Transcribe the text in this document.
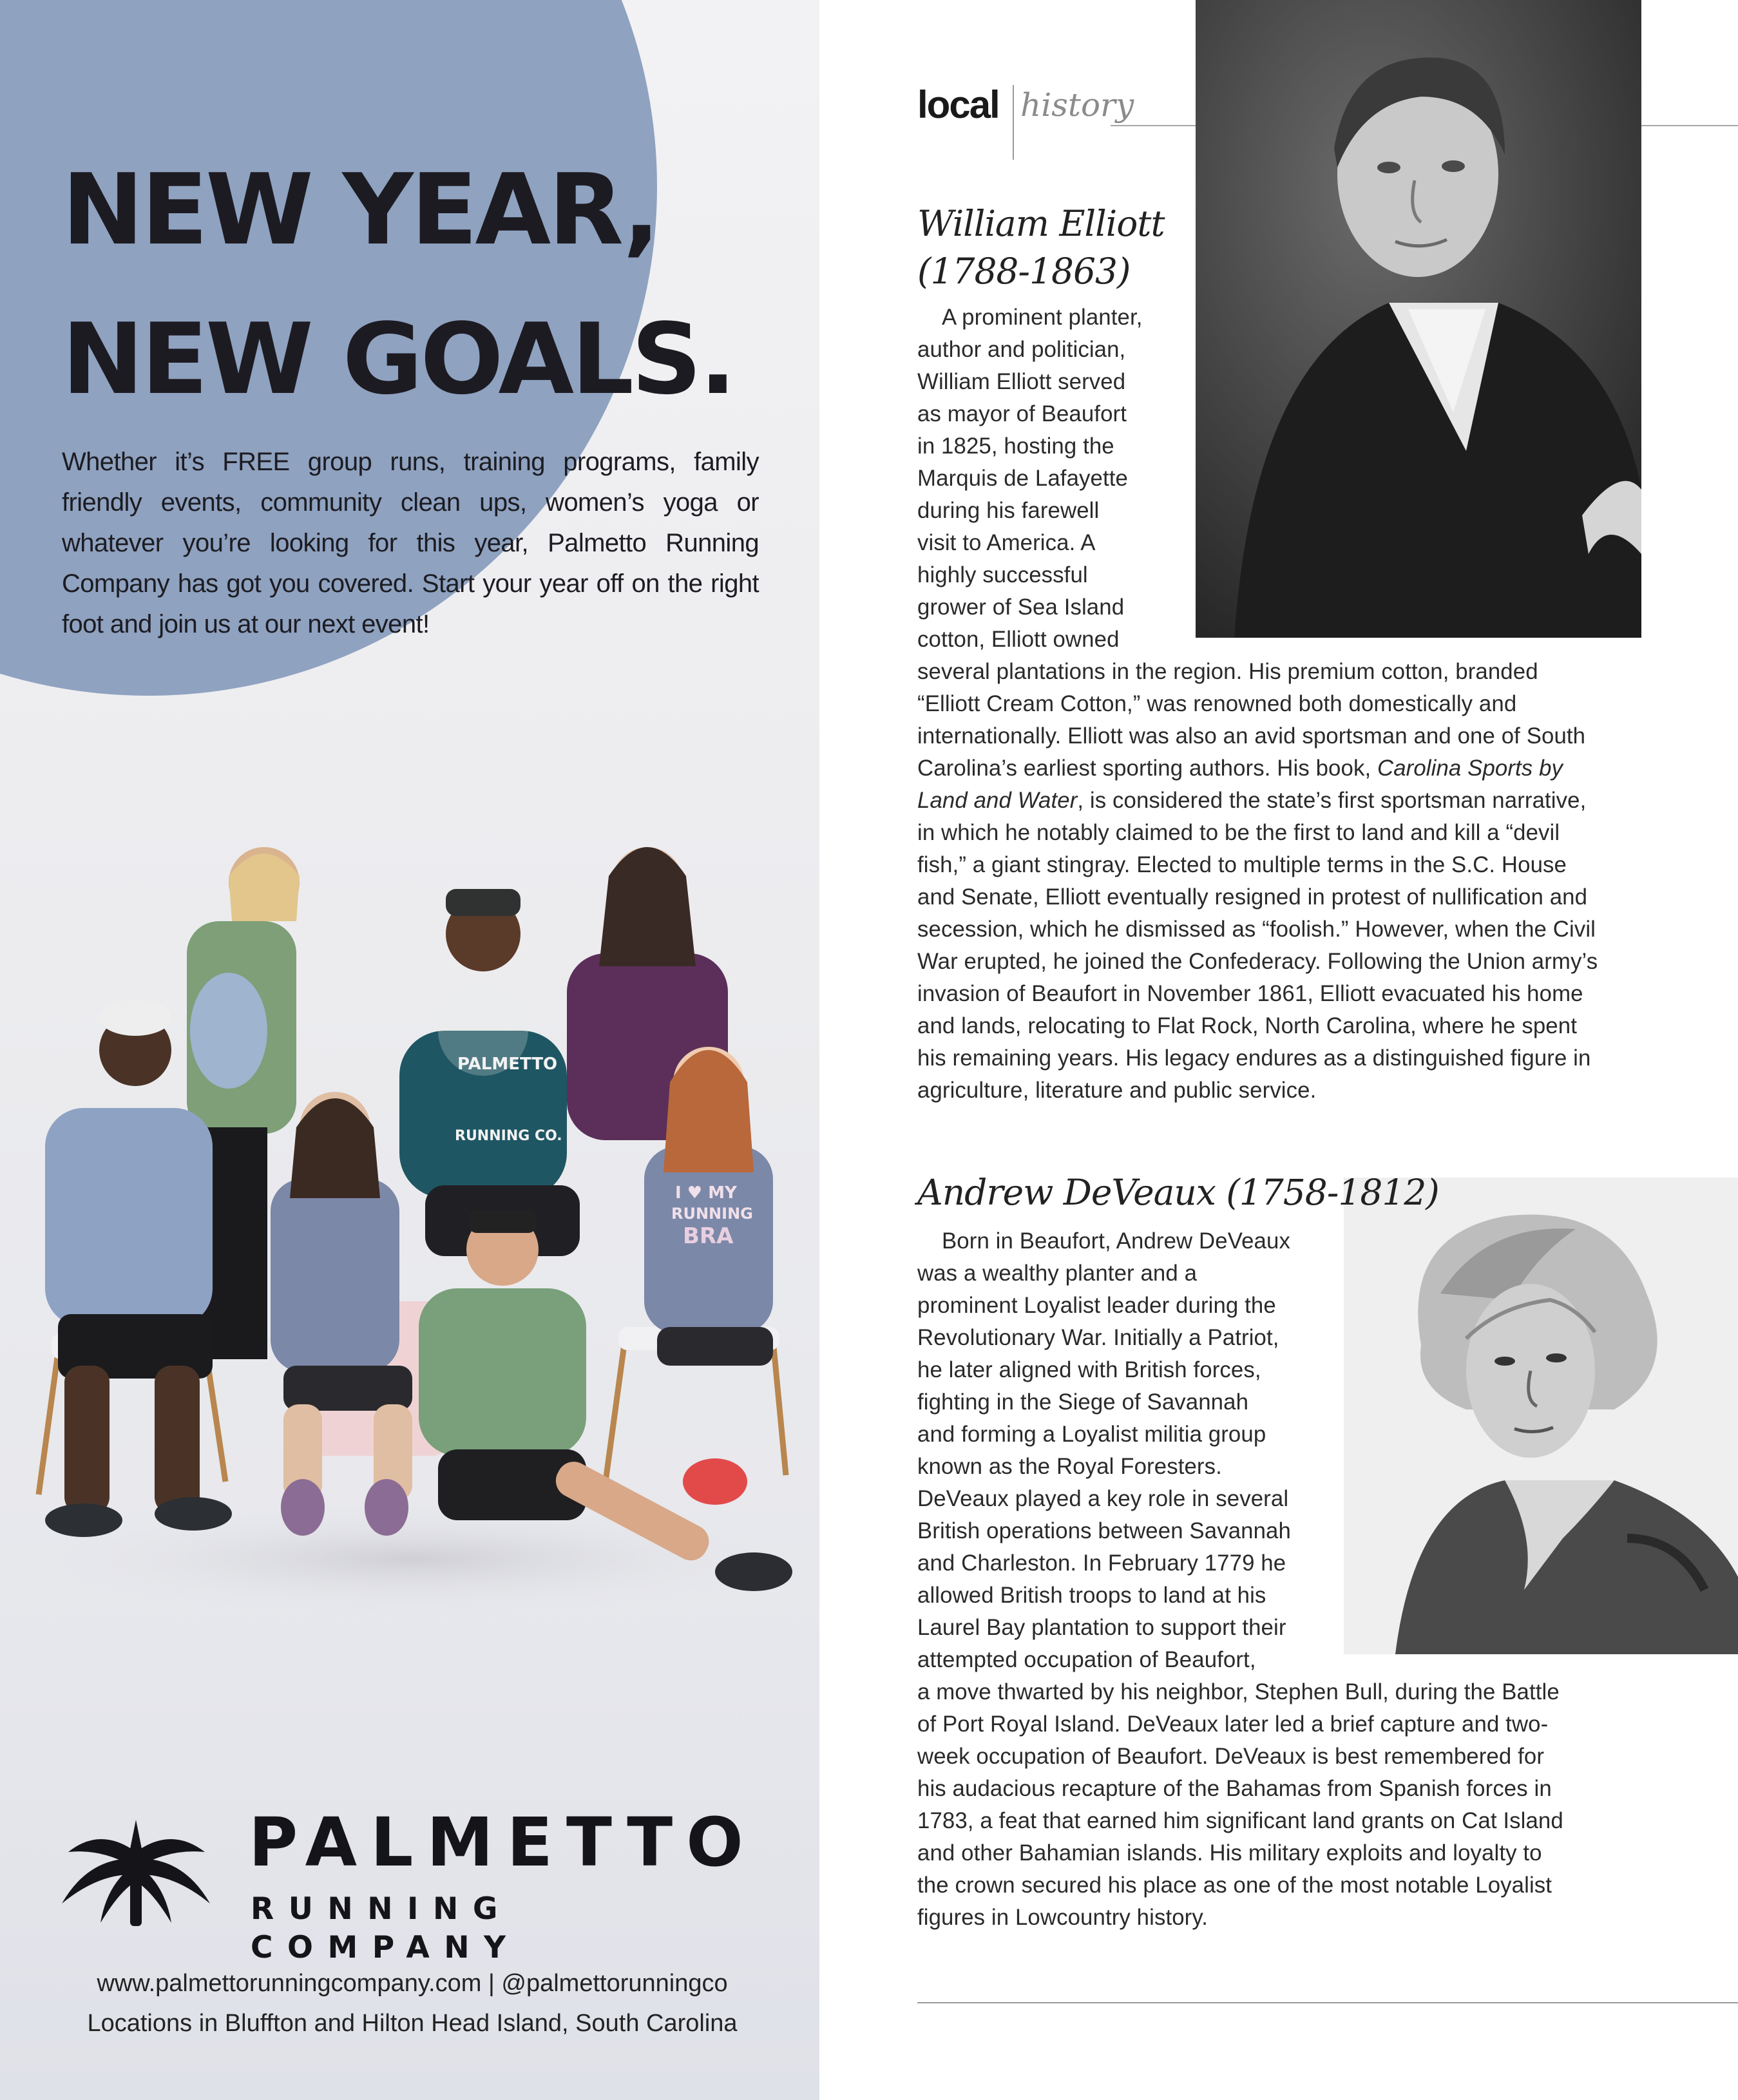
NEW YEAR,
NEW GOALS.

Whether it’s FREE group runs, training programs, family friendly events, community clean ups, women’s yoga or whatever you’re looking for this year, Palmetto Running Company has got you covered. Start your year off on the right foot and join us at our next event!

PALMETTO
RUNNING CO.
I ♥ MY
RUNNING
BRA

PALMETTO

RUNNING COMPANY

www.palmettorunningcompany.com | @palmettorunningco
Locations in Bluffton and Hilton Head Island, South Carolina
local history
William Elliott
(1788-1863)
A prominent planter,
author and politician,
William Elliott served
as mayor of Beaufort
in 1825, hosting the
Marquis de Lafayette
during his farewell
visit to America. A
highly successful
grower of Sea Island
cotton, Elliott owned
several plantations in the region. His premium cotton, branded
“Elliott Cream Cotton,” was renowned both domestically and
internationally. Elliott was also an avid sportsman and one of South
Carolina’s earliest sporting authors. His book, Carolina Sports by
Land and Water, is considered the state’s first sportsman narrative,
in which he notably claimed to be the first to land and kill a “devil
fish,” a giant stingray. Elected to multiple terms in the S.C. House
and Senate, Elliott eventually resigned in protest of nullification and
secession, which he dismissed as “foolish.” However, when the Civil
War erupted, he joined the Confederacy. Following the Union army’s
invasion of Beaufort in November 1861, Elliott evacuated his home
and lands, relocating to Flat Rock, North Carolina, where he spent
his remaining years. His legacy endures as a distinguished figure in
agriculture, literature and public service.
Andrew DeVeaux (1758-1812)
Born in Beaufort, Andrew DeVeaux
was a wealthy planter and a
prominent Loyalist leader during the
Revolutionary War. Initially a Patriot,
he later aligned with British forces,
fighting in the Siege of Savannah
and forming a Loyalist militia group
known as the Royal Foresters.
DeVeaux played a key role in several
British operations between Savannah
and Charleston. In February 1779 he
allowed British troops to land at his
Laurel Bay plantation to support their
attempted occupation of Beaufort,
a move thwarted by his neighbor, Stephen Bull, during the Battle
of Port Royal Island. DeVeaux later led a brief capture and two-
week occupation of Beaufort. DeVeaux is best remembered for
his audacious recapture of the Bahamas from Spanish forces in
1783, a feat that earned him significant land grants on Cat Island
and other Bahamian islands. His military exploits and loyalty to
the crown secured his place as one of the most notable Loyalist
figures in Lowcountry history.
